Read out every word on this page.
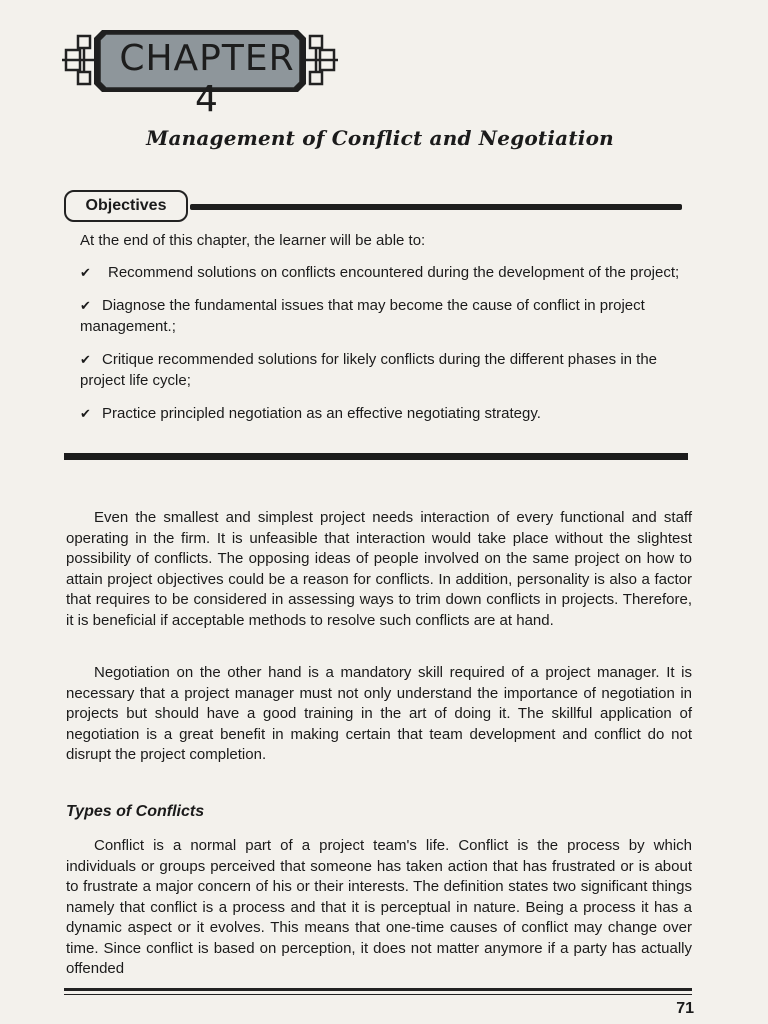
CHAPTER 4
Management of Conflict and Negotiation
Objectives
At the end of this chapter, the learner will be able to:
✔ Recommend solutions on conflicts encountered during the development of the project;
✔ Diagnose the fundamental issues that may become the cause of conflict in project management.;
✔ Critique recommended solutions for likely conflicts during the different phases in the project life cycle;
✔ Practice principled negotiation as an effective negotiating strategy.

Even the smallest and simplest project needs interaction of every functional and staff operating in the firm. It is unfeasible that interaction would take place without the slightest possibility of conflicts. The opposing ideas of people involved on the same project on how to attain project objectives could be a reason for conflicts. In addition, personality is also a factor that requires to be considered in assessing ways to trim down conflicts in projects. Therefore, it is beneficial if acceptable methods to resolve such conflicts are at hand.

Negotiation on the other hand is a mandatory skill required of a project manager. It is necessary that a project manager must not only understand the importance of negotiation in projects but should have a good training in the art of doing it. The skillful application of negotiation is a great benefit in making certain that team development and conflict do not disrupt the project completion.

Types of Conflicts

Conflict is a normal part of a project team's life. Conflict is the process by which individuals or groups perceived that someone has taken action that has frustrated or is about to frustrate a major concern of his or their interests. The definition states two significant things namely that conflict is a process and that it is perceptual in nature. Being a process it has a dynamic aspect or it evolves. This means that one-time causes of conflict may change over time. Since conflict is based on perception, it does not matter anymore if a party has actually offended

71
